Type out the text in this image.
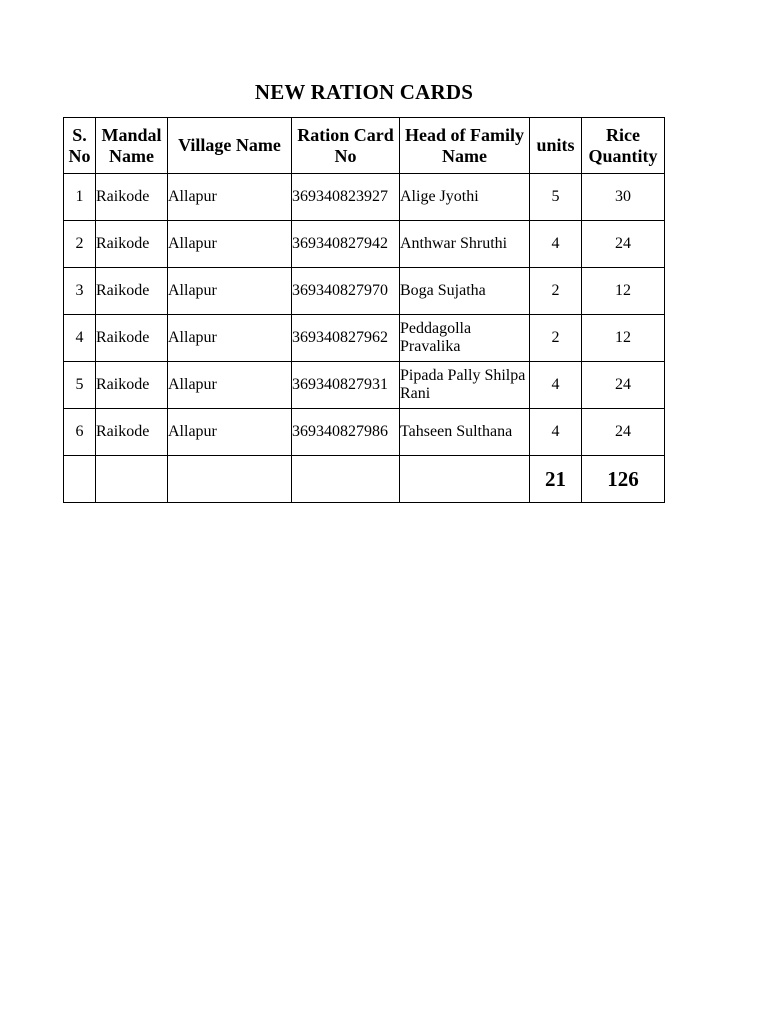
NEW RATION CARDS
S. No	Mandal Name	Village Name	Ration Card No	Head of Family Name	units	Rice Quantity
1	Raikode	Allapur	369340823927	Alige Jyothi	5	30
2	Raikode	Allapur	369340827942	Anthwar Shruthi	4	24
3	Raikode	Allapur	369340827970	Boga Sujatha	2	12
4	Raikode	Allapur	369340827962	Peddagolla Pravalika	2	12
5	Raikode	Allapur	369340827931	Pipada Pally Shilpa Rani	4	24
6	Raikode	Allapur	369340827986	Tahseen Sulthana	4	24
					21	126
